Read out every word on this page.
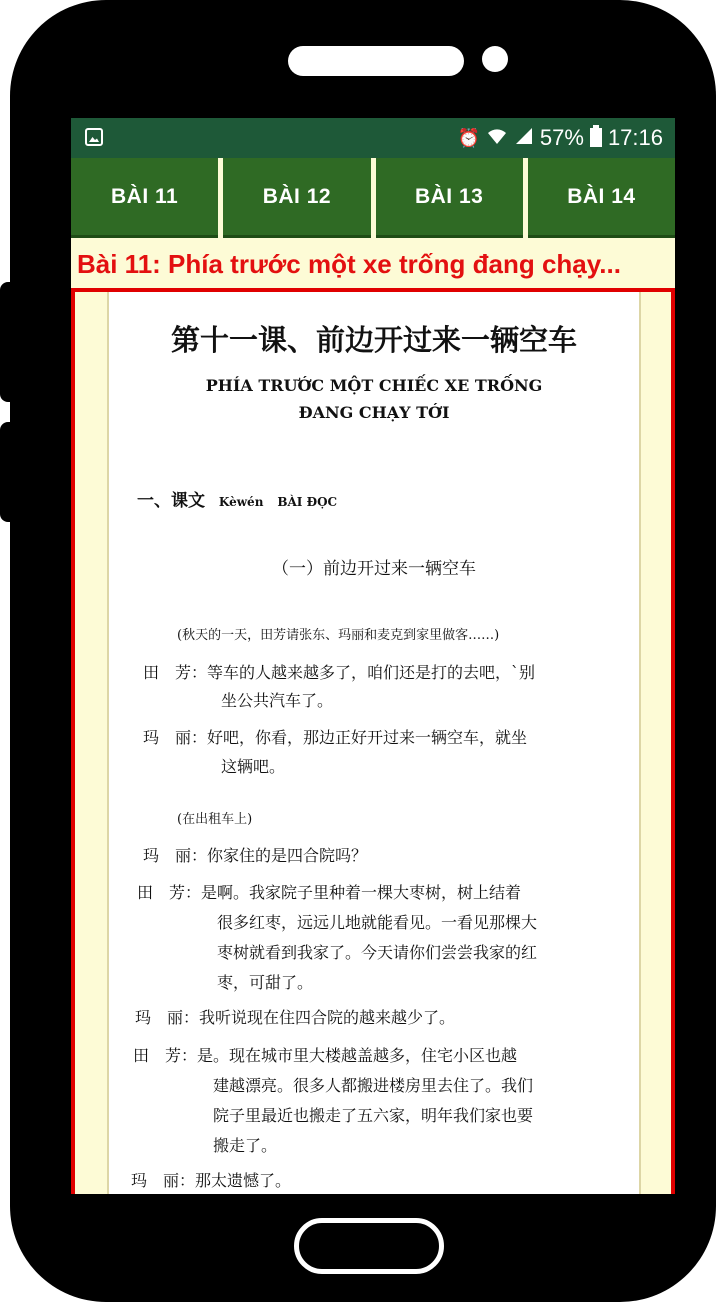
⏰	57% 17:16
BÀI 11	BÀI 12	BÀI 13	BÀI 14
Bài 11: Phía trước một xe trống đang chạy...
第十一课、前边开过来一辆空车
PHÍA TRƯỚC MỘT CHIẾC XE TRỐNG
ĐANG CHẠY TỚI
一、课文 Kèwén BÀI ĐỌC
（一）前边开过来一辆空车
(秋天的一天，田芳请张东、玛丽和麦克到家里做客……)
田　芳：等车的人越来越多了，咱们还是打的去吧，`别
坐公共汽车了。
玛　丽：好吧，你看，那边正好开过来一辆空车，就坐
这辆吧。
(在出租车上)
玛　丽：你家住的是四合院吗？
田　芳：是啊。我家院子里种着一棵大枣树，树上结着
很多红枣，远远儿地就能看见。一看见那棵大
枣树就看到我家了。今天请你们尝尝我家的红
枣，可甜了。
玛　丽：我听说现在住四合院的越来越少了。
田　芳：是。现在城市里大楼越盖越多，住宅小区也越
建越漂亮。很多人都搬进楼房里去住了。我们
院子里最近也搬走了五六家，明年我们家也要
搬走了。
玛　丽：那太遗憾了。
